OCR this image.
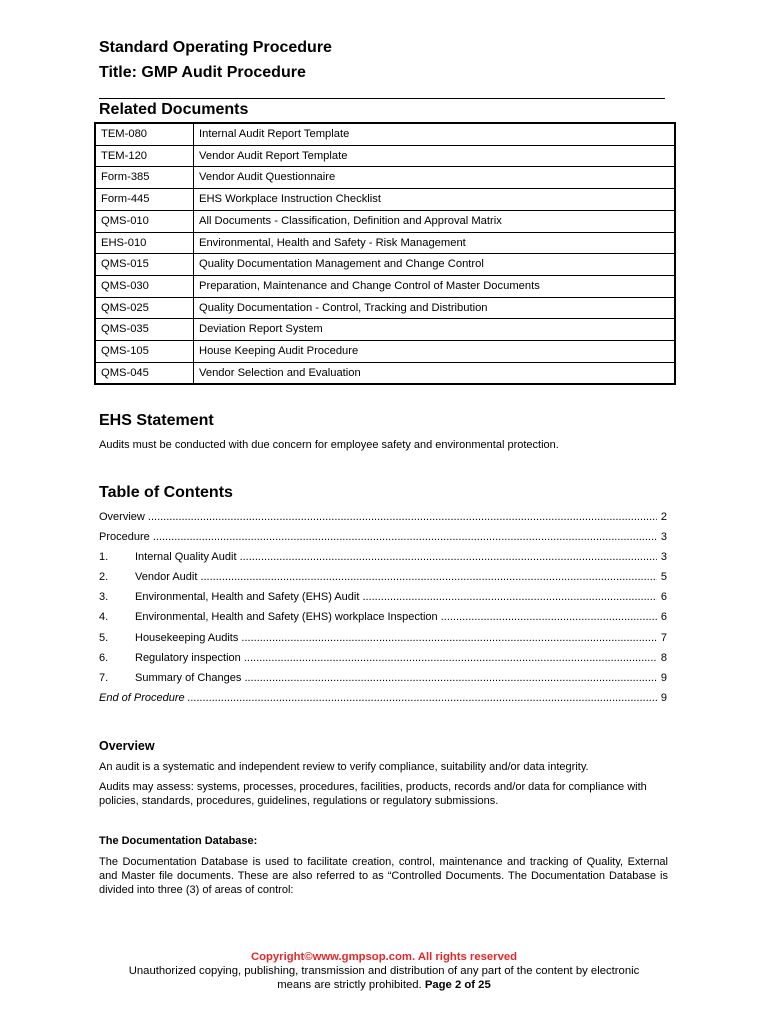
Standard Operating Procedure
Title: GMP Audit Procedure
Related Documents
TEM-080	Internal Audit Report Template
TEM-120	Vendor Audit Report Template
Form-385	Vendor Audit Questionnaire
Form-445	EHS Workplace Instruction Checklist
QMS-010	All Documents - Classification, Definition and Approval Matrix
EHS-010	Environmental, Health and Safety - Risk Management
QMS-015	Quality Documentation Management and Change Control
QMS-030	Preparation, Maintenance and Change Control of Master Documents
QMS-025	Quality Documentation - Control, Tracking and Distribution
QMS-035	Deviation Report System
QMS-105	House Keeping Audit Procedure
QMS-045	Vendor Selection and Evaluation
EHS Statement
Audits must be conducted with due concern for employee safety and environmental protection.
Table of Contents
Overview .....	2
Procedure .....	3
1. Internal Quality Audit .....	3
2. Vendor Audit .....	5
3. Environmental, Health and Safety (EHS) Audit .....	6
4. Environmental, Health and Safety (EHS) workplace Inspection .....	6
5. Housekeeping Audits .....	7
6. Regulatory inspection .....	8
7. Summary of Changes .....	9
End of Procedure .....	9
Overview
An audit is a systematic and independent review to verify compliance, suitability and/or data integrity.
Audits may assess: systems, processes, procedures, facilities, products, records and/or data for compliance with policies, standards, procedures, guidelines, regulations or regulatory submissions.
The Documentation Database:
The Documentation Database is used to facilitate creation, control, maintenance and tracking of Quality, External and Master file documents. These are also referred to as “Controlled Documents. The Documentation Database is divided into three (3) of areas of control:
Copyright©www.gmpsop.com. All rights reserved
Unauthorized copying, publishing, transmission and distribution of any part of the content by electronic
means are strictly prohibited. Page 2 of 25
